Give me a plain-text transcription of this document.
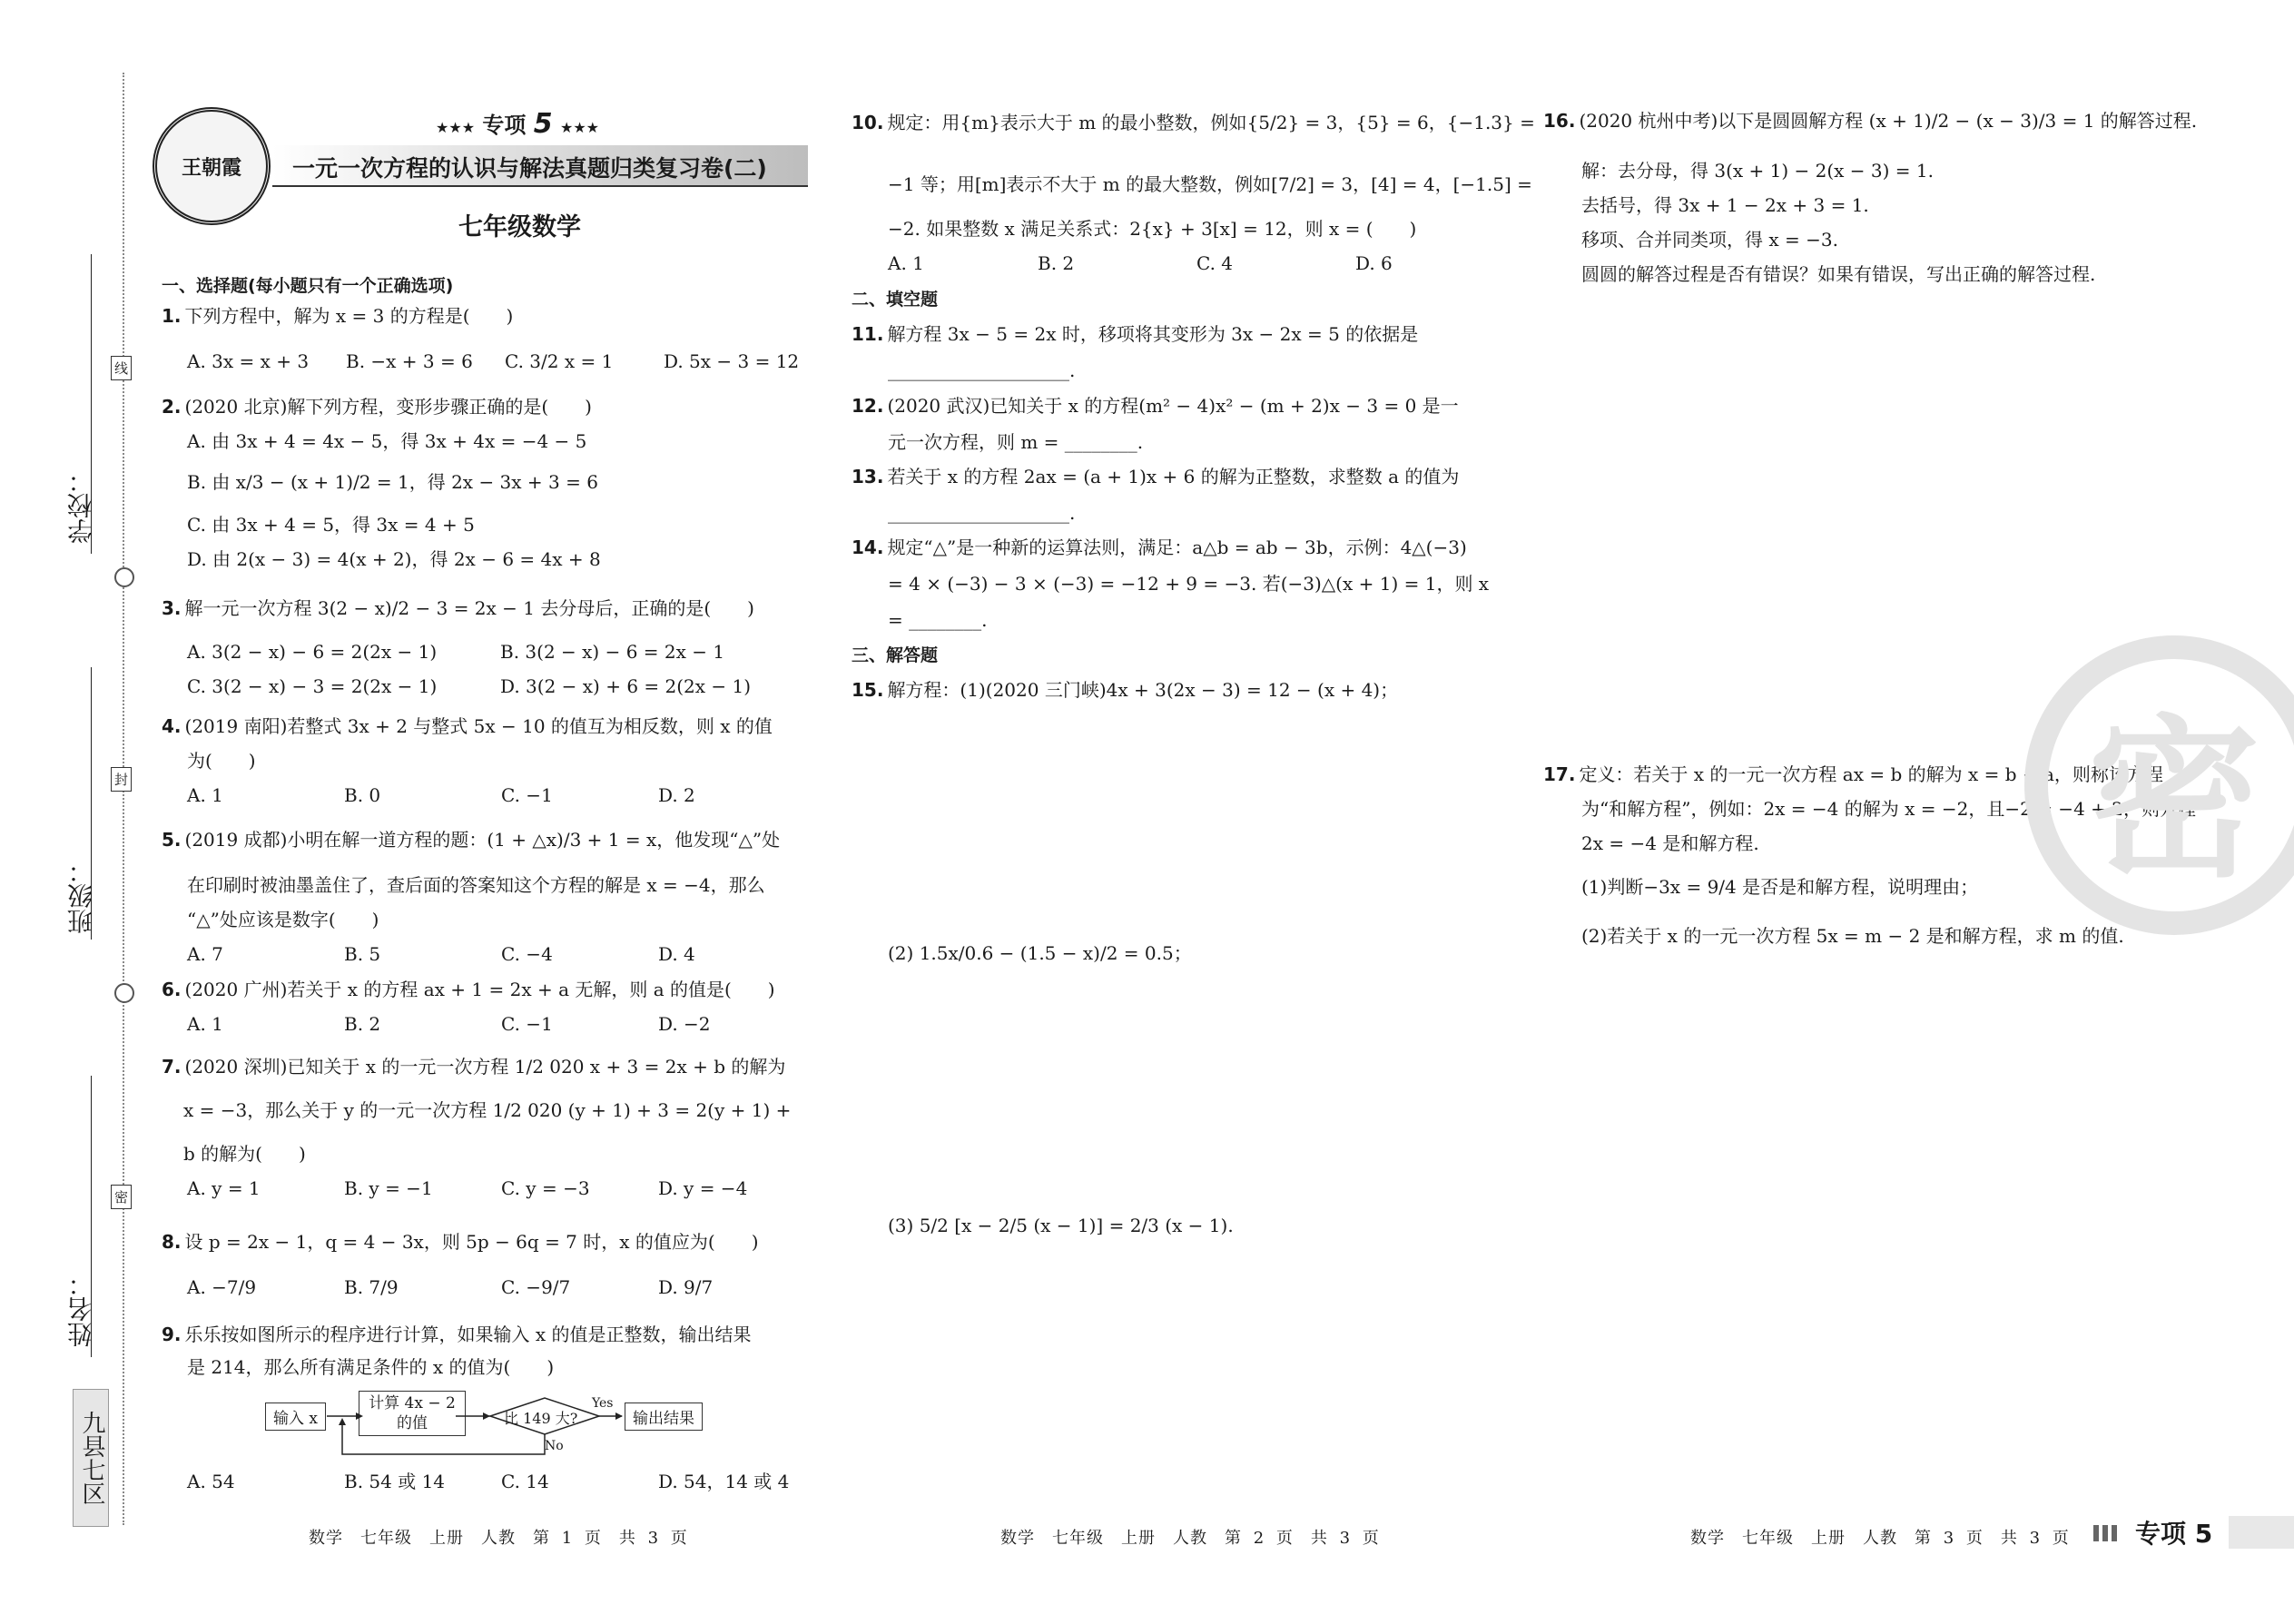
学校：
班级：
姓名：
线
封
密
九县七区
王朝霞
★★★ 专项 5 ★★★
一元一次方程的认识与解法真题归类复习卷(二)
七年级数学
一、选择题(每小题只有一个正确选项)
1. 下列方程中，解为 x = 3 的方程是(　　)
A. 3x = x + 3 B. −x + 3 = 6 C. 3/2 x = 1	D. 5x − 3 = 12
2. (2020 北京)解下列方程，变形步骤正确的是(　　)
A. 由 3x + 4 = 4x − 5，得 3x + 4x = −4 − 5
B. 由 x/3 − (x + 1)/2 = 1，得 2x − 3x + 3 = 6
C. 由 3x + 4 = 5，得 3x = 4 + 5
D. 由 2(x − 3) = 4(x + 2)，得 2x − 6 = 4x + 8
3. 解一元一次方程 3(2 − x)/2 − 3 = 2x − 1 去分母后，正确的是(　　)
A. 3(2 − x) − 6 = 2(2x − 1)	B. 3(2 − x) − 6 = 2x − 1
C. 3(2 − x) − 3 = 2(2x − 1)	D. 3(2 − x) + 6 = 2(2x − 1)
4. (2019 南阳)若整式 3x + 2 与整式 5x − 10 的值互为相反数，则 x 的值
为(　　)
A. 1	B. 0	C. −1	D. 2
5. (2019 成都)小明在解一道方程的题：(1 + △x)/3 + 1 = x，他发现“△”处
在印刷时被油墨盖住了，查后面的答案知这个方程的解是 x = −4，那么
“△”处应该是数字(　　)
A. 7	B. 5	C. −4	D. 4
6. (2020 广州)若关于 x 的方程 ax + 1 = 2x + a 无解，则 a 的值是(　　)
A. 1	B. 2	C. −1	D. −2
7. (2020 深圳)已知关于 x 的一元一次方程 1/2 020 x + 3 = 2x + b 的解为
x = −3，那么关于 y 的一元一次方程 1/2 020 (y + 1) + 3 = 2(y + 1) +
b 的解为(　　)
A. y = 1	B. y = −1	C. y = −3	D. y = −4
8. 设 p = 2x − 1，q = 4 − 3x，则 5p − 6q = 7 时，x 的值应为(　　)
A. −7/9	B. 7/9	C. −9/7	D. 9/7
9. 乐乐按如图所示的程序进行计算，如果输入 x 的值是正整数，输出结果
是 214，那么所有满足条件的 x 的值为(　　)
输入 x
计算 4x − 2 的值	比 149 大?
Yes
No
输出结果
A. 54	B. 54 或 14	C. 14	D. 54，14 或 4
10. 规定：用{m}表示大于 m 的最小整数，例如{5/2} = 3，{5} = 6，{−1.3} =
−1 等；用[m]表示不大于 m 的最大整数，例如[7/2] = 3，[4] = 4，[−1.5] =
−2. 如果整数 x 满足关系式：2{x} + 3[x] = 12，则 x = (　　)
A. 1	B. 2	C. 4	D. 6
二、填空题
11. 解方程 3x − 5 = 2x 时，移项将其变形为 3x − 2x = 5 的依据是
____________________.
12. (2020 武汉)已知关于 x 的方程(m² − 4)x² − (m + 2)x − 3 = 0 是一
元一次方程，则 m = ________.
13. 若关于 x 的方程 2ax = (a + 1)x + 6 的解为正整数，求整数 a 的值为
____________________.
14. 规定“△”是一种新的运算法则，满足：a△b = ab − 3b，示例：4△(−3)
= 4 × (−3) − 3 × (−3) = −12 + 9 = −3. 若(−3)△(x + 1) = 1，则 x
= ________.
三、解答题
15. 解方程：(1)(2020 三门峡)4x + 3(2x − 3) = 12 − (x + 4)；
(2) 1.5x/0.6 − (1.5 − x)/2 = 0.5；
(3) 5/2 [x − 2/5 (x − 1)] = 2/3 (x − 1).
16. (2020 杭州中考)以下是圆圆解方程 (x + 1)/2 − (x − 3)/3 = 1 的解答过程.
解：去分母，得 3(x + 1) − 2(x − 3) = 1.
去括号，得 3x + 1 − 2x + 3 = 1.
移项、合并同类项，得 x = −3.
圆圆的解答过程是否有错误？如果有错误，写出正确的解答过程.
17. 定义：若关于 x 的一元一次方程 ax = b 的解为 x = b + a，则称该方程
为“和解方程”，例如：2x = −4 的解为 x = −2，且−2 = −4 + 2，则方程
2x = −4 是和解方程.
(1)判断−3x = 9/4 是否是和解方程，说明理由；
(2)若关于 x 的一元一次方程 5x = m − 2 是和解方程，求 m 的值.
密
数学　七年级　上册　人教　第 1 页　共 3 页	数学　七年级　上册　人教　第 2 页　共 3 页	数学　七年级　上册　人教　第 3 页　共 3 页	专项 5
